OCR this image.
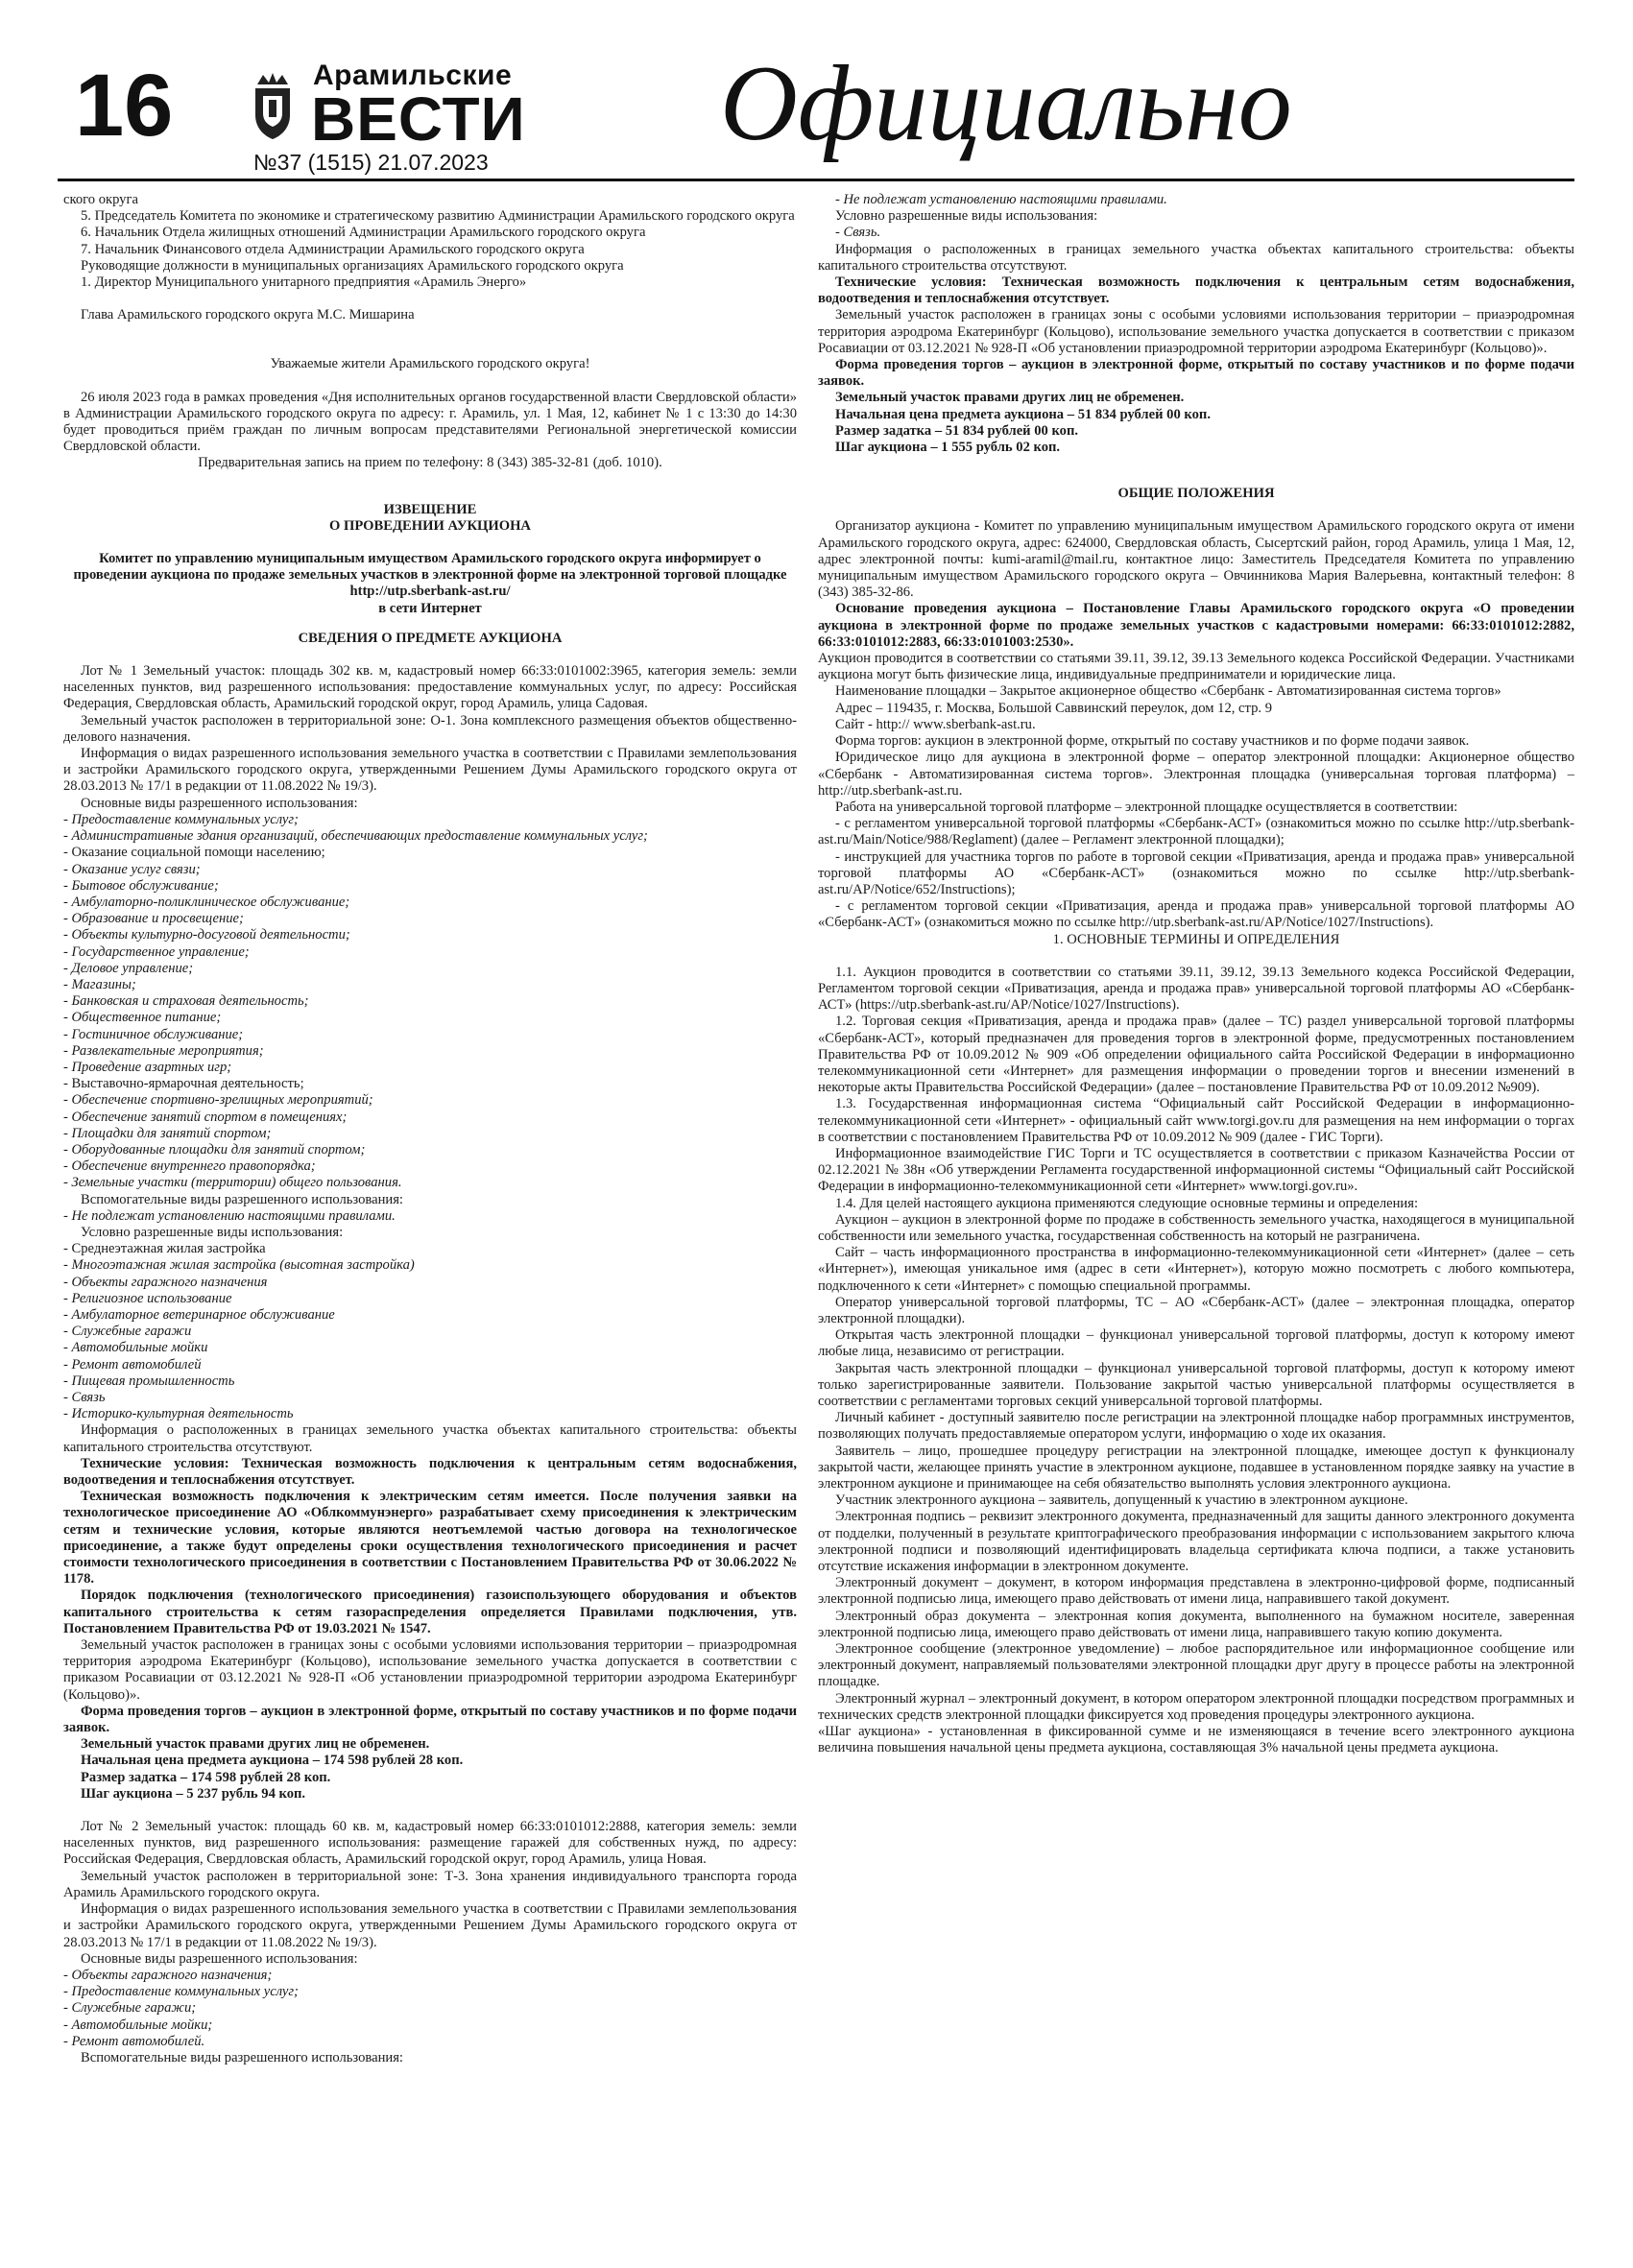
16	Арамильские
ВЕСТИ
№37 (1515) 21.07.2023 Официально

ского округа

5. Председатель Комитета по экономике и стратегическому развитию Администрации Арамильского городского округа

6. Начальник Отдела жилищных отношений Администрации Арамильского городского округа

7. Начальник Финансового отдела Администрации Арамильского городского округа

Руководящие должности в муниципальных организациях Арамильского городского округа

1. Директор Муниципального унитарного предприятия «Арамиль Энерго»

Глава Арамильского городского округа М.С. Мишарина

Уважаемые жители Арамильского городского округа!

26 июля 2023 года в рамках проведения «Дня исполнительных органов государственной власти Свердловской области» в Администрации Арамильского городского округа по адресу: г. Арамиль, ул. 1 Мая, 12, кабинет № 1 с 13:30 до 14:30 будет проводиться приём граждан по личным вопросам представителями Региональной энергетической комиссии Свердловской области.

Предварительная запись на прием по телефону: 8 (343) 385-32-81 (доб. 1010).

ИЗВЕЩЕНИЕ

О ПРОВЕДЕНИИ АУКЦИОНА

Комитет по управлению муниципальным имуществом Арамильского городского округа информирует о проведении аукциона по продаже земельных участков в электронной форме на электронной торговой площадке http://utp.sberbank-ast.ru/

в сети Интернет

СВЕДЕНИЯ О ПРЕДМЕТЕ АУКЦИОНА

Лот № 1 Земельный участок: площадь 302 кв. м, кадастровый номер 66:33:0101002:3965, категория земель: земли населенных пунктов, вид разрешенного использования: предоставление коммунальных услуг, по адресу: Российская Федерация, Свердловская область, Арамильский городской округ, город Арамиль, улица Садовая.

Земельный участок расположен в территориальной зоне: О-1. Зона комплексного размещения объектов общественно-делового назначения.

Информация о видах разрешенного использования земельного участка в соответствии с Правилами землепользования и застройки Арамильского городского округа, утвержденными Решением Думы Арамильского городского округа от 28.03.2013 № 17/1 в редакции от 11.08.2022 № 19/3).

Основные виды разрешенного использования:

- Предоставление коммунальных услуг;

- Административные здания организаций, обеспечивающих предоставление коммунальных услуг;

- Оказание социальной помощи населению;

- Оказание услуг связи;

- Бытовое обслуживание;

- Амбулаторно-поликлиническое обслуживание;

- Образование и просвещение;

- Объекты культурно-досуговой деятельности;

- Государственное управление;

- Деловое управление;

- Магазины;

- Банковская и страховая деятельность;

- Общественное питание;

- Гостиничное обслуживание;

- Развлекательные мероприятия;

- Проведение азартных игр;

- Выставочно-ярмарочная деятельность;

- Обеспечение спортивно-зрелищных мероприятий;

- Обеспечение занятий спортом в помещениях;

- Площадки для занятий спортом;

- Оборудованные площадки для занятий спортом;

- Обеспечение внутреннего правопорядка;

- Земельные участки (территории) общего пользования.

Вспомогательные виды разрешенного использования:

- Не подлежат установлению настоящими правилами.

Условно разрешенные виды использования:

- Среднеэтажная жилая застройка

- Многоэтажная жилая застройка (высотная застройка)

- Объекты гаражного назначения

- Религиозное использование

- Амбулаторное ветеринарное обслуживание

- Служебные гаражи

- Автомобильные мойки

- Ремонт автомобилей

- Пищевая промышленность

- Связь

- Историко-культурная деятельность

Информация о расположенных в границах земельного участка объектах капитального строительства: объекты капитального строительства отсутствуют.

Технические условия: Техническая возможность подключения к центральным сетям водоснабжения, водоотведения и теплоснабжения отсутствует.

Техническая возможность подключения к электрическим сетям имеется. После получения заявки на технологическое присоединение АО «Облкоммунэнерго» разрабатывает схему присоединения к электрическим сетям и технические условия, которые являются неотъемлемой частью договора на технологическое присоединение, а также будут определены сроки осуществления технологического присоединения и расчет стоимости технологического присоединения в соответствии с Постановлением Правительства РФ от 30.06.2022 № 1178.

Порядок подключения (технологического присоединения) газоиспользующего оборудования и объектов капитального строительства к сетям газораспределения определяется Правилами подключения, утв. Постановлением Правительства РФ от 19.03.2021 № 1547.

Земельный участок расположен в границах зоны с особыми условиями использования территории – приаэродромная территория аэродрома Екатеринбург (Кольцово), использование земельного участка допускается в соответствии с приказом Росавиации от 03.12.2021 № 928-П «Об установлении приаэродромной территории аэродрома Екатеринбург (Кольцово)».

Форма проведения торгов – аукцион в электронной форме, открытый по составу участников и по форме подачи заявок.

Земельный участок правами других лиц не обременен.

Начальная цена предмета аукциона – 174 598 рублей 28 коп.

Размер задатка – 174 598 рублей 28 коп.

Шаг аукциона – 5 237 рубль 94 коп.

Лот № 2 Земельный участок: площадь 60 кв. м, кадастровый номер 66:33:0101012:2888, категория земель: земли населенных пунктов, вид разрешенного использования: размещение гаражей для собственных нужд, по адресу: Российская Федерация, Свердловская область, Арамильский городской округ, город Арамиль, улица Новая.

Земельный участок расположен в территориальной зоне: Т-3. Зона хранения индивидуального транспорта города Арамиль Арамильского городского округа.

Информация о видах разрешенного использования земельного участка в соответствии с Правилами землепользования и застройки Арамильского городского округа, утвержденными Решением Думы Арамильского городского округа от 28.03.2013 № 17/1 в редакции от 11.08.2022 № 19/3).

Основные виды разрешенного использования:

- Объекты гаражного назначения;

- Предоставление коммунальных услуг;

- Служебные гаражи;

- Автомобильные мойки;

- Ремонт автомобилей.

Вспомогательные виды разрешенного использования:

- Не подлежат установлению настоящими правилами.

Условно разрешенные виды использования:

- Связь.

Информация о расположенных в границах земельного участка объектах капитального строительства: объекты капитального строительства отсутствуют.

Технические условия: Техническая возможность подключения к центральным сетям водоснабжения, водоотведения и теплоснабжения отсутствует.

Земельный участок расположен в границах зоны с особыми условиями использования территории – приаэродромная территория аэродрома Екатеринбург (Кольцово), использование земельного участка допускается в соответствии с приказом Росавиации от 03.12.2021 № 928-П «Об установлении приаэродромной территории аэродрома Екатеринбург (Кольцово)».

Форма проведения торгов – аукцион в электронной форме, открытый по составу участников и по форме подачи заявок.

Земельный участок правами других лиц не обременен.

Начальная цена предмета аукциона – 51 834 рублей 00 коп.

Размер задатка – 51 834 рублей 00 коп.

Шаг аукциона – 1 555 рубль 02 коп.

ОБЩИЕ ПОЛОЖЕНИЯ

Организатор аукциона - Комитет по управлению муниципальным имуществом Арамильского городского округа от имени Арамильского городского округа, адрес: 624000, Свердловская область, Сысертский район, город Арамиль, улица 1 Мая, 12, адрес электронной почты: kumi-aramil@mail.ru, контактное лицо: Заместитель Председателя Комитета по управлению муниципальным имуществом Арамильского городского округа – Овчинникова Мария Валерьевна, контактный телефон: 8 (343) 385-32-86.

Основание проведения аукциона – Постановление Главы Арамильского городского округа «О проведении аукциона в электронной форме по продаже земельных участков с кадастровыми номерами: 66:33:0101012:2882, 66:33:0101012:2883, 66:33:0101003:2530».

Аукцион проводится в соответствии со статьями 39.11, 39.12, 39.13 Земельного кодекса Российской Федерации. Участниками аукциона могут быть физические лица, индивидуальные предприниматели и юридические лица.

Наименование площадки – Закрытое акционерное общество «Сбербанк - Автоматизированная система торгов»

Адрес – 119435, г. Москва, Большой Саввинский переулок, дом 12, стр. 9

Сайт - http:// www.sberbank-ast.ru.

Форма торгов: аукцион в электронной форме, открытый по составу участников и по форме подачи заявок.

Юридическое лицо для аукциона в электронной форме – оператор электронной площадки: Акционерное общество «Сбербанк - Автоматизированная система торгов». Электронная площадка (универсальная торговая платформа) – http://utp.sberbank-ast.ru.

Работа на универсальной торговой платформе – электронной площадке осуществляется в соответствии:

- с регламентом универсальной торговой платформы «Сбербанк-АСТ» (ознакомиться можно по ссылке http://utp.sberbank-ast.ru/Main/Notice/988/Reglament) (далее – Регламент электронной площадки);

- инструкцией для участника торгов по работе в торговой секции «Приватизация, аренда и продажа прав» универсальной торговой платформы АО «Сбербанк-АСТ» (ознакомиться можно по ссылке http://utp.sberbank-ast.ru/AP/Notice/652/Instructions);

- с регламентом торговой секции «Приватизация, аренда и продажа прав» универсальной торговой платформы АО «Сбербанк-АСТ» (ознакомиться можно по ссылке http://utp.sberbank-ast.ru/AP/Notice/1027/Instructions).

1. ОСНОВНЫЕ ТЕРМИНЫ И ОПРЕДЕЛЕНИЯ

1.1. Аукцион проводится в соответствии со статьями 39.11, 39.12, 39.13 Земельного кодекса Российской Федерации, Регламентом торговой секции «Приватизация, аренда и продажа прав» универсальной торговой платформы АО «Сбербанк-АСТ» (https://utp.sberbank-ast.ru/AP/Notice/1027/Instructions).

1.2. Торговая секция «Приватизация, аренда и продажа прав» (далее – ТС) раздел универсальной торговой платформы «Сбербанк-АСТ», который предназначен для проведения торгов в электронной форме, предусмотренных постановлением Правительства РФ от 10.09.2012 № 909 «Об определении официального сайта Российской Федерации в информационно телекоммуникационной сети «Интернет» для размещения информации о проведении торгов и внесении изменений в некоторые акты Правительства Российской Федерации» (далее – постановление Правительства РФ от 10.09.2012 №909).

1.3. Государственная информационная система “Официальный сайт Российской Федерации в информационно-телекоммуникационной сети «Интернет» - официальный сайт www.torgi.gov.ru для размещения на нем информации о торгах в соответствии с постановлением Правительства РФ от 10.09.2012 № 909 (далее - ГИС Торги).

Информационное взаимодействие ГИС Торги и ТС осуществляется в соответствии с приказом Казначейства России от 02.12.2021 № 38н «Об утверждении Регламента государственной информационной системы “Официальный сайт Российской Федерации в информационно-телекоммуникационной сети «Интернет» www.torgi.gov.ru».

1.4. Для целей настоящего аукциона применяются следующие основные термины и определения:

Аукцион – аукцион в электронной форме по продаже в собственность земельного участка, находящегося в муниципальной собственности или земельного участка, государственная собственность на который не разграничена.

Сайт – часть информационного пространства в информационно-телекоммуникационной сети «Интернет» (далее – сеть «Интернет»), имеющая уникальное имя (адрес в сети «Интернет»), которую можно посмотреть с любого компьютера, подключенного к сети «Интернет» с помощью специальной программы.

Оператор универсальной торговой платформы, ТС – АО «Сбербанк-АСТ» (далее – электронная площадка, оператор электронной площадки).

Открытая часть электронной площадки – функционал универсальной торговой платформы, доступ к которому имеют любые лица, независимо от регистрации.

Закрытая часть электронной площадки – функционал универсальной торговой платформы, доступ к которому имеют только зарегистрированные заявители. Пользование закрытой частью универсальной платформы осуществляется в соответствии с регламентами торговых секций универсальной торговой платформы.

Личный кабинет - доступный заявителю после регистрации на электронной площадке набор программных инструментов, позволяющих получать предоставляемые оператором услуги, информацию о ходе их оказания.

Заявитель – лицо, прошедшее процедуру регистрации на электронной площадке, имеющее доступ к функционалу закрытой части, желающее принять участие в электронном аукционе, подавшее в установленном порядке заявку на участие в электронном аукционе и принимающее на себя обязательство выполнять условия электронного аукциона.

Участник электронного аукциона – заявитель, допущенный к участию в электронном аукционе.

Электронная подпись – реквизит электронного документа, предназначенный для защиты данного электронного документа от подделки, полученный в результате криптографического преобразования информации с использованием закрытого ключа электронной подписи и позволяющий идентифицировать владельца сертификата ключа подписи, а также установить отсутствие искажения информации в электронном документе.

Электронный документ – документ, в котором информация представлена в электронно-цифровой форме, подписанный электронной подписью лица, имеющего право действовать от имени лица, направившего такой документ.

Электронный образ документа – электронная копия документа, выполненного на бумажном носителе, заверенная электронной подписью лица, имеющего право действовать от имени лица, направившего такую копию документа.

Электронное сообщение (электронное уведомление) – любое распорядительное или информационное сообщение или электронный документ, направляемый пользователями электронной площадки друг другу в процессе работы на электронной площадке.

Электронный журнал – электронный документ, в котором оператором электронной площадки посредством программных и технических средств электронной площадки фиксируется ход проведения процедуры электронного аукциона.

«Шаг аукциона» - установленная в фиксированной сумме и не изменяющаяся в течение всего электронного аукциона величина повышения начальной цены предмета аукциона, составляющая 3% начальной цены предмета аукциона.
